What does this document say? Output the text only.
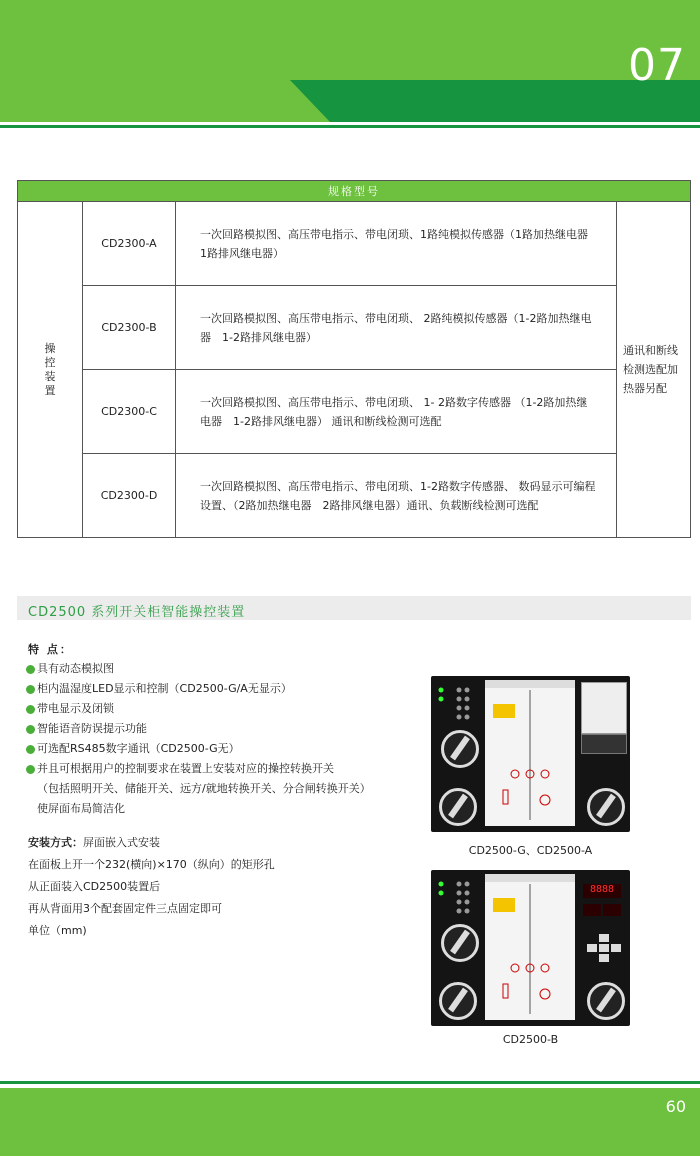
07
规格型号			
操控装置	CD2300-A	一次回路模拟图、高压带电指示、带电闭琐、1路纯模拟传感器（1路加热继电器　 1路排风继电器）	通讯和断线检测选配加热器另配
	CD2300-B	一次回路模拟图、高压带电指示、带电闭琐、 2路纯模拟传感器（1-2路加热继电器　1-2路排风继电器）	
	CD2300-C	一次回路模拟图、高压带电指示、带电闭琐、 1- 2路数字传感器 （1-2路加热继电器　1-2路排风继电器） 通讯和断线检测可选配	
	CD2300-D	一次回路模拟图、高压带电指示、带电闭琐、1-2路数字传感器、 数码显示可编程设置、（2路加热继电器　2路排风继电器）通讯、负载断线检测可选配	
CD2500 系列开关柜智能操控装置
特 点：
具有动态模拟图
柜内温湿度LED显示和控制（CD2500-G/A无显示）
带电显示及闭锁
智能语音防误提示功能
可选配RS485数字通讯（CD2500-G无）
并且可根据用户的控制要求在装置上安装对应的操控转换开关
（包括照明开关、储能开关、远方/就地转换开关、分合闸转换开关）
使屏面布局简洁化
安装方式：屏面嵌入式安装
在面板上开一个232(横向)×170（纵向）的矩形孔
从正面装入CD2500装置后
再从背面用3个配套固定件三点固定即可
单位（mm)
CD2500-G、CD2500-A
8888
CD2500-B
60
